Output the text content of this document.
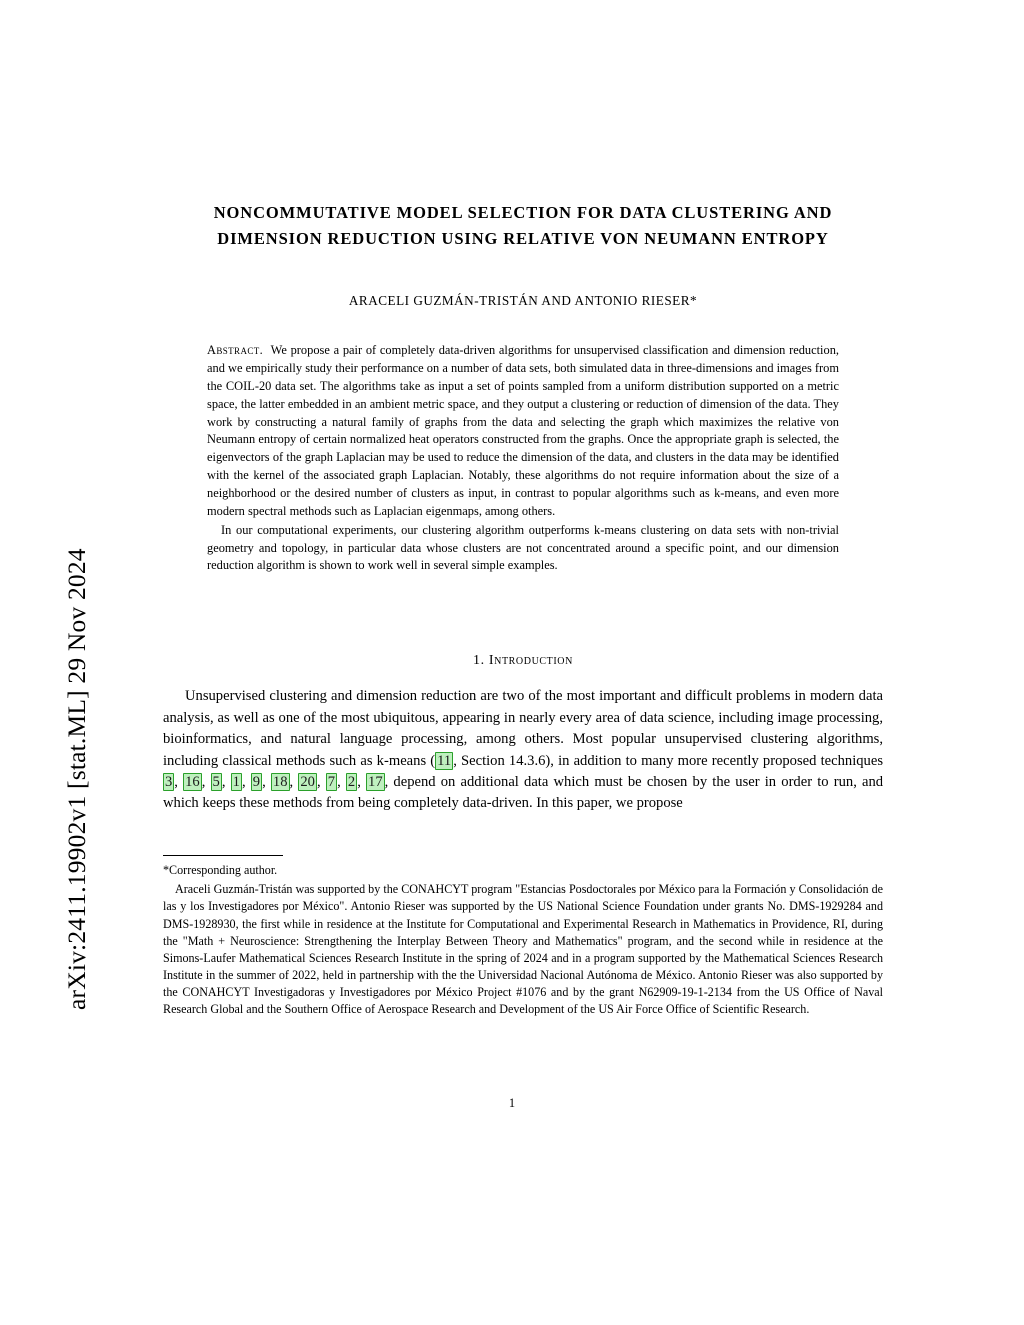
arXiv:2411.19902v1 [stat.ML] 29 Nov 2024
NONCOMMUTATIVE MODEL SELECTION FOR DATA CLUSTERING AND
DIMENSION REDUCTION USING RELATIVE VON NEUMANN ENTROPY
ARACELI GUZMÁN-TRISTÁN AND ANTONIO RIESER*

Abstract. We propose a pair of completely data-driven algorithms for unsupervised classification and dimension reduction, and we empirically study their performance on a number of data sets, both simulated data in three-dimensions and images from the COIL-20 data set. The algorithms take as input a set of points sampled from a uniform distribution supported on a metric space, the latter embedded in an ambient metric space, and they output a clustering or reduction of dimension of the data. They work by constructing a natural family of graphs from the data and selecting the graph which maximizes the relative von Neumann entropy of certain normalized heat operators constructed from the graphs. Once the appropriate graph is selected, the eigenvectors of the graph Laplacian may be used to reduce the dimension of the data, and clusters in the data may be identified with the kernel of the associated graph Laplacian. Notably, these algorithms do not require information about the size of a neighborhood or the desired number of clusters as input, in contrast to popular algorithms such as k-means, and even more modern spectral methods such as Laplacian eigenmaps, among others.

In our computational experiments, our clustering algorithm outperforms k-means clustering on data sets with non-trivial geometry and topology, in particular data whose clusters are not concentrated around a specific point, and our dimension reduction algorithm is shown to work well in several simple examples.

1. Introduction
Unsupervised clustering and dimension reduction are two of the most important and difficult problems in modern data analysis, as well as one of the most ubiquitous, appearing in nearly every area of data science, including image processing, bioinformatics, and natural language processing, among others. Most popular unsupervised clustering algorithms, including classical methods such as k-means ( 11 , Section 14.3.6), in addition to many more recently proposed techniques 3 , 16 , 5 , 1 , 9 , 18 , 20 , 7 , 2 , 17 , depend on additional data which must be chosen by the user in order to run, and which keeps these methods from being completely data-driven. In this paper, we propose

*Corresponding author.

Araceli Guzmán-Tristán was supported by the CONAHCYT program "Estancias Posdoctorales por México para la Formación y Consolidación de las y los Investigadores por México". Antonio Rieser was supported by the US National Science Foundation under grants No. DMS-1929284 and DMS-1928930, the first while in residence at the Institute for Computational and Experimental Research in Mathematics in Providence, RI, during the "Math + Neuroscience: Strengthening the Interplay Between Theory and Mathematics" program, and the second while in residence at the Simons-Laufer Mathematical Sciences Research Institute in the spring of 2024 and in a program supported by the Mathematical Sciences Research Institute in the summer of 2022, held in partnership with the the Universidad Nacional Autónoma de México. Antonio Rieser was also supported by the CONAHCYT Investigadoras y Investigadores por México Project #1076 and by the grant N62909-19-1-2134 from the US Office of Naval Research Global and the Southern Office of Aerospace Research and Development of the US Air Force Office of Scientific Research.

1
